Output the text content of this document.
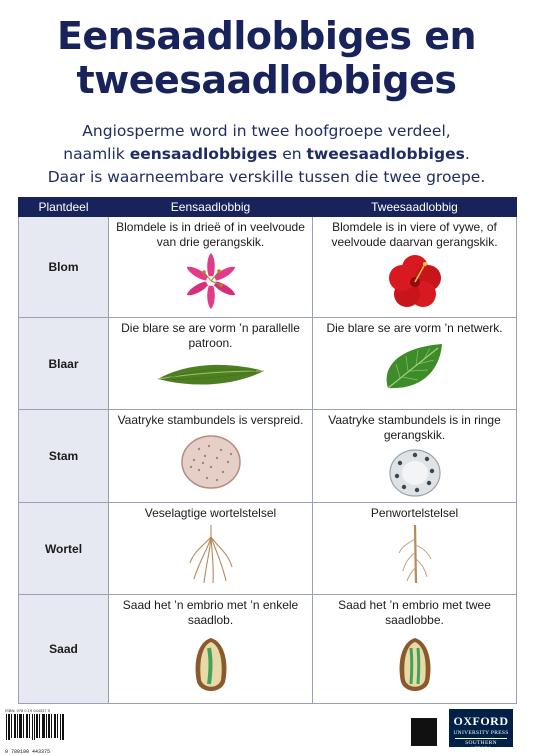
Eensaadlobbiges en
tweesaadlobbiges
Angiosperme word in twee hoofgroepe verdeel,
naamlik eensaadlobbiges en tweesaadlobbiges.
Daar is waarneembare verskille tussen die twee groepe.
Plantdeel	Eensaadlobbig	Tweesaadlobbig
Blom	Blomdele is in drieë of in veelvoude van drie gerangskik.	Blomdele is in viere of vywe, of veelvoude daarvan gerangskik.

Blaar	Die blare se are vorm ’n parallelle patroon.	Die blare se are vorm ’n netwerk.

Stam	Vaatryke stambundels is verspreid.	Vaatryke stambundels is in ringe gerangskik.

Wortel	Veselagtige wortelstelsel	Penwortelstelsel

Saad	Saad het ’n embrio met ’n enkele saadlob.	Saad het ’n embrio met twee saadlobbe.
ISBN: 978 0 19 044337 5
9 780190 443375
OXFORD
UNIVERSITY PRESS
SOUTHERN AFRICA
